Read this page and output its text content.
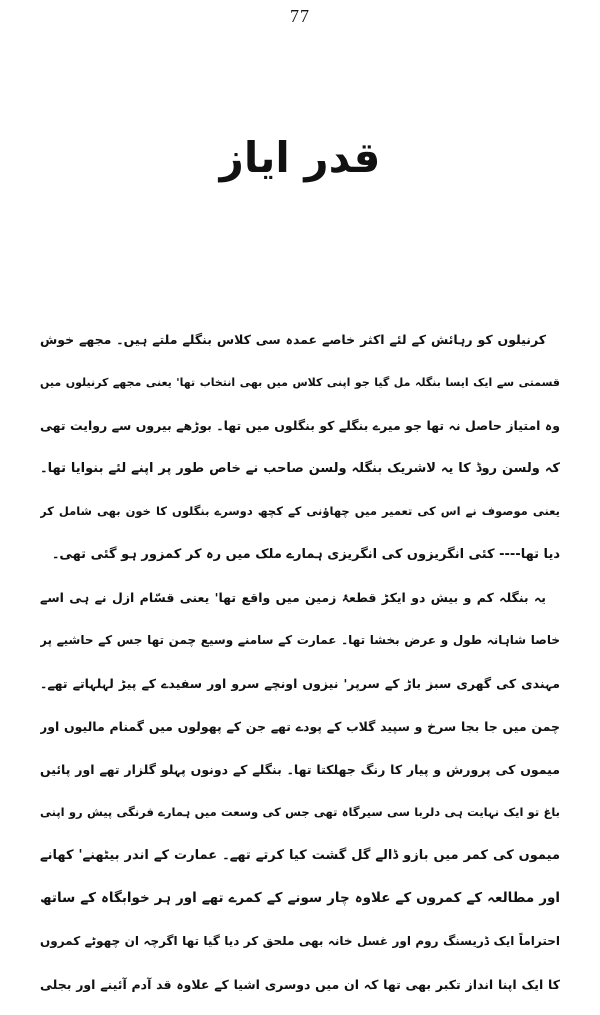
77
قدر ایاز
کرنیلوں کو رہائش کے لئے اکثر خاصے عمدہ سی کلاس بنگلے ملتے ہیں۔ مجھے خوش
قسمتی سے ایک ایسا بنگلہ مل گیا جو اپنی کلاس میں بھی انتخاب تھا' یعنی مجھے کرنیلوں میں
وہ امتیاز حاصل نہ تھا جو میرے بنگلے کو بنگلوں میں تھا۔ بوڑھے بیروں سے روایت تھی
کہ ولسن روڈ کا یہ لاشریک بنگلہ ولسن صاحب نے خاص طور پر اپنے لئے بنوایا تھا۔
یعنی موصوف نے اس کی تعمیر میں چھاؤنی کے کچھ دوسرے بنگلوں کا خون بھی شامل کر
دیا تھا---- کئی انگریزوں کی انگریزی ہمارے ملک میں رہ کر کمزور ہو گئی تھی۔
یہ بنگلہ کم و بیش دو ایکڑ قطعۂ زمین میں واقع تھا' یعنی قسّام ازل نے ہی اسے
خاصا شاہانہ طول و عرض بخشا تھا۔ عمارت کے سامنے وسیع چمن تھا جس کے حاشیے پر
مہندی کی گھری سبز باڑ کے سرپر' نیزوں اونچے سرو اور سفیدے کے پیڑ لہلہاتے تھے۔
چمن میں جا بجا سرخ و سپید گلاب کے پودے تھے جن کے پھولوں میں گمنام مالیوں اور
میموں کی پرورش و پیار کا رنگ جھلکتا تھا۔ بنگلے کے دونوں پہلو گلزار تھے اور پائیں
باغ تو ایک نہایت ہی دلربا سی سیرگاہ تھی جس کی وسعت میں ہمارے فرنگی پیش رو اپنی
میموں کی کمر میں بازو ڈالے گل گشت کیا کرتے تھے۔ عمارت کے اندر بیٹھنے' کھانے
اور مطالعہ کے کمروں کے علاوہ چار سونے کے کمرے تھے اور ہر خوابگاہ کے ساتھ
احتراماً ایک ڈریسنگ روم اور غسل خانہ بھی ملحق کر دیا گیا تھا اگرچہ ان چھوٹے کمروں
کا ایک اپنا انداز تکبر بھی تھا کہ ان میں دوسری اشیا کے علاوہ قد آدم آئینے اور بجلی
